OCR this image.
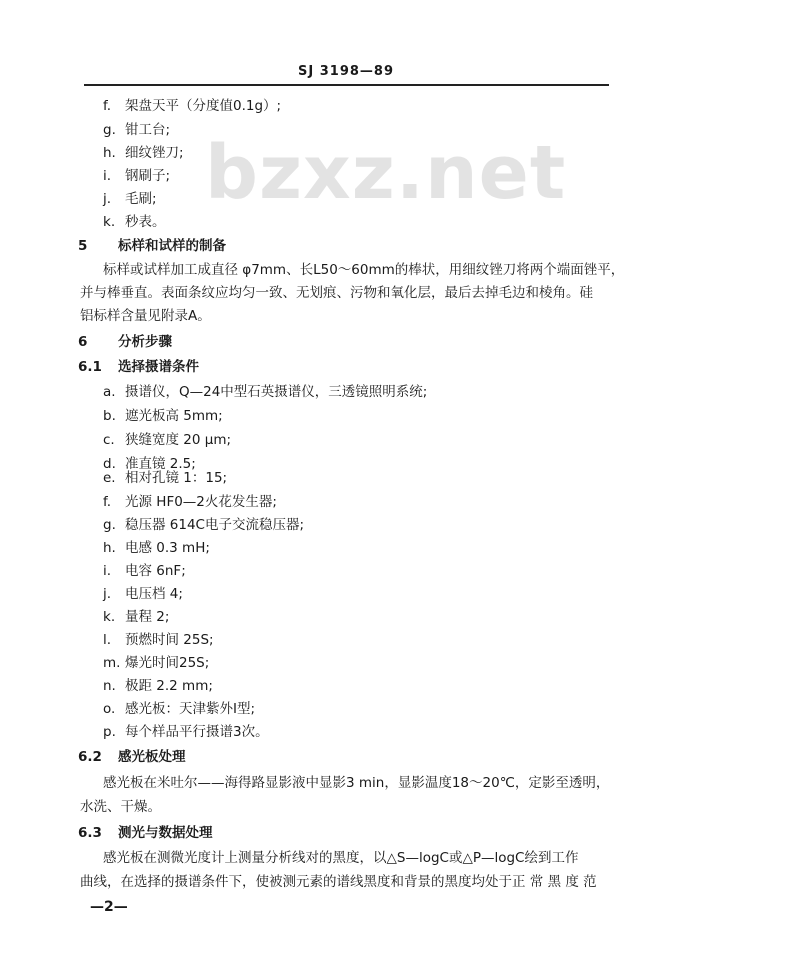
bzxz.net
SJ 3198—89
f. 架盘天平（分度值0.1g）;
g. 钳工台;
h. 细纹锉刀;
i. 钢刷子;
j. 毛刷;
k. 秒表。
5 标样和试样的制备
标样或试样加工成直径 φ7mm、长L50～60mm的棒状，用细纹锉刀将两个端面锉平，
并与棒垂直。表面条纹应均匀一致、无划痕、污物和氧化层，最后去掉毛边和棱角。硅
铝标样含量见附录A。
6 分析步骤
6.1 选择摄谱条件
a. 摄谱仪，Q—24中型石英摄谱仪，三透镜照明系统;
b. 遮光板高 5mm;
c. 狭缝宽度 20 μm;
d. 准直镜 2.5;
e. 相对孔镜 1：15;
f. 光源 HF0—2火花发生器;
g. 稳压器 614C电子交流稳压器;
h. 电感 0.3 mH;
i. 电容 6nF;
j. 电压档 4;
k. 量程 2;
l. 预燃时间 25S;
m. 爆光时间25S;
n. 极距 2.2 mm;
o. 感光板：天津紫外Ⅰ型;
p. 每个样品平行摄谱3次。
6.2 感光板处理
感光板在米吐尔——海得路显影液中显影3 min，显影温度18～20℃，定影至透明，
水洗、干燥。
6.3 测光与数据处理
感光板在测微光度计上测量分析线对的黑度，以△S—logC或△P—logC绘到工作
曲线，在选择的摄谱条件下，使被测元素的谱线黑度和背景的黑度均处于正 常 黑 度 范
—2—
